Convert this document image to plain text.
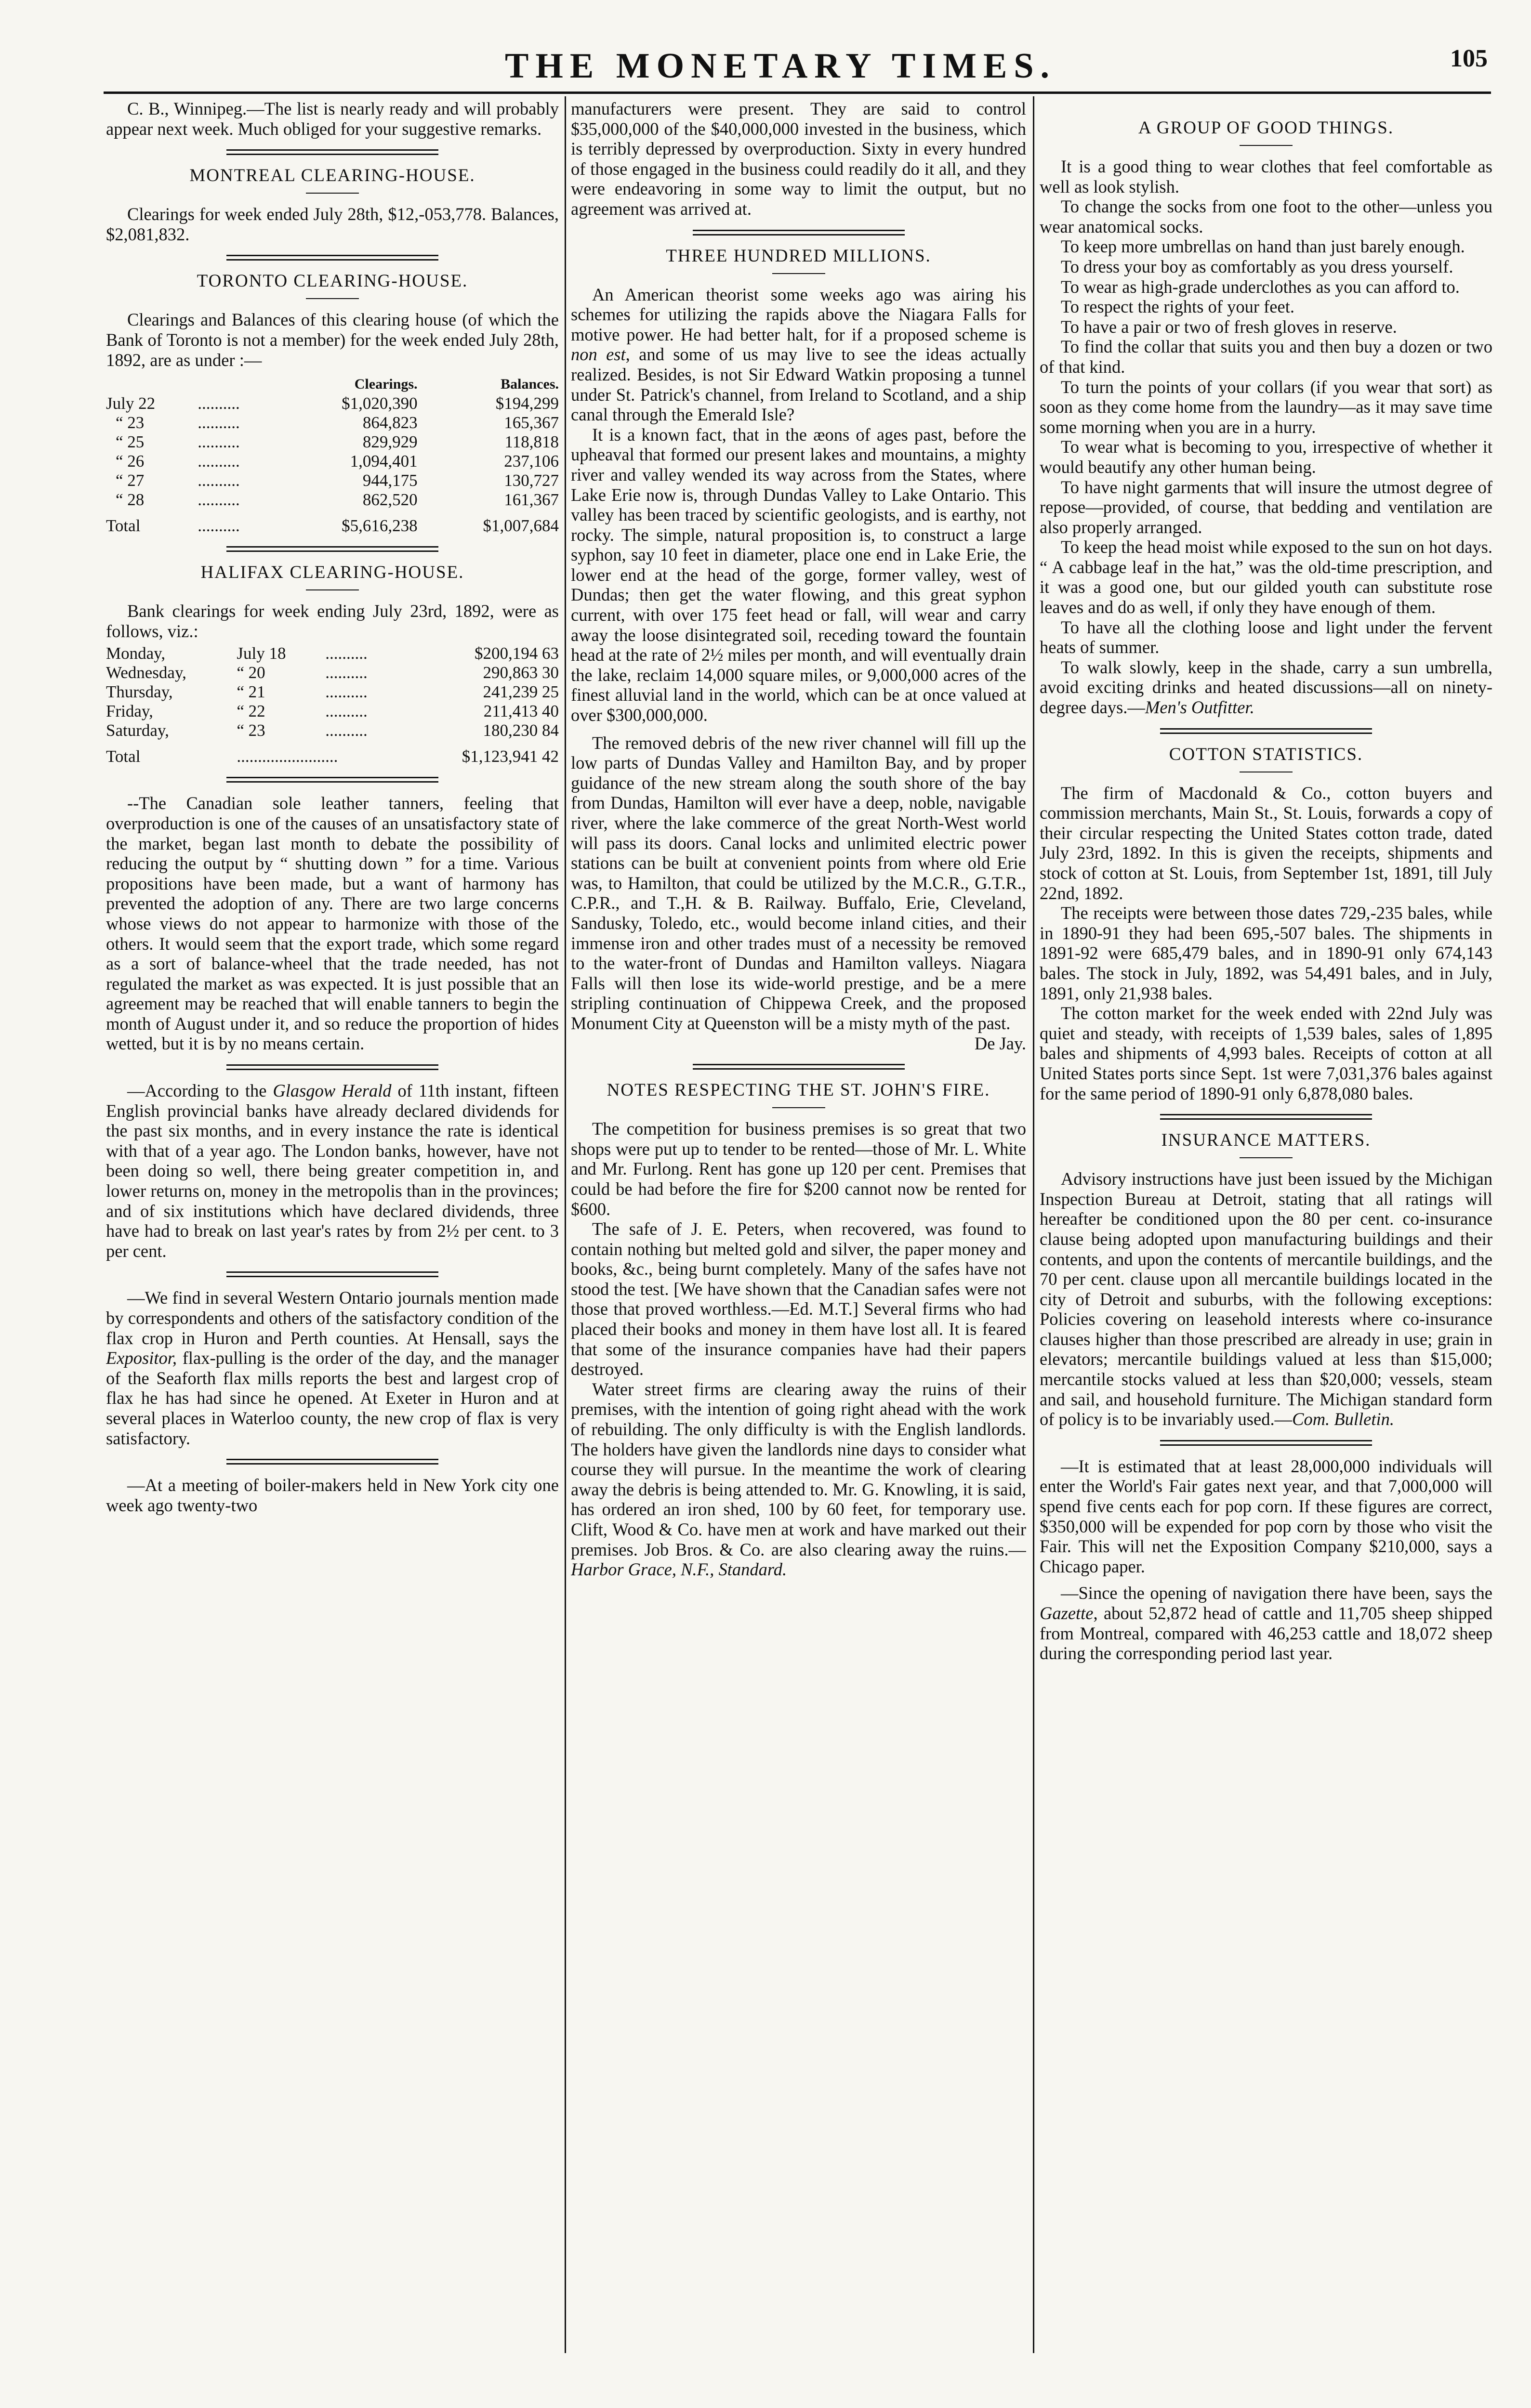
THE MONETARY TIMES.	105

C. B., Winnipeg.—The list is nearly ready and will probably appear next week. Much obliged for your suggestive remarks.

MONTREAL CLEARING-HOUSE.

Clearings for week ended July 28th, $12,-053,778. Balances, $2,081,832.

TORONTO CLEARING-HOUSE.

Clearings and Balances of this clearing house (of which the Bank of Toronto is not a member) for the week ended July 28th, 1892, are as under :—

		Clearings.	Balances.
July 22	..........	$1,020,390	$194,299
“ 23	..........	864,823	165,367
“ 25	..........	829,929	118,818
“ 26	..........	1,094,401	237,106
“ 27	..........	944,175	130,727
“ 28	..........	862,520	161,367
Total	..........	$5,616,238	$1,007,684
HALIFAX CLEARING-HOUSE.

Bank clearings for week ending July 23rd, 1892, were as follows, viz.:

Monday,	July 18	..........	$200,194 63
Wednesday,	“ 20	..........	290,863 30
Thursday,	“ 21	..........	241,239 25
Friday,	“ 22	..........	211,413 40
Saturday,	“ 23	..........	180,230 84
Total	........................		$1,123,941 42

--The Canadian sole leather tanners, feeling that overproduction is one of the causes of an unsatisfactory state of the market, began last month to debate the possibility of reducing the output by “ shutting down ” for a time. Various propositions have been made, but a want of harmony has prevented the adoption of any. There are two large concerns whose views do not appear to harmonize with those of the others. It would seem that the export trade, which some regard as a sort of balance-wheel that the trade needed, has not regulated the market as was expected. It is just possible that an agreement may be reached that will enable tanners to begin the month of August under it, and so reduce the proportion of hides wetted, but it is by no means certain.

—According to the Glasgow Herald of 11th instant, fifteen English provincial banks have already declared dividends for the past six months, and in every instance the rate is identical with that of a year ago. The London banks, however, have not been doing so well, there being greater competition in, and lower returns on, money in the metropolis than in the provinces; and of six institutions which have declared dividends, three have had to break on last year's rates by from 2½ per cent. to 3 per cent.

—We find in several Western Ontario journals mention made by correspondents and others of the satisfactory condition of the flax crop in Huron and Perth counties. At Hensall, says the Expositor, flax-pulling is the order of the day, and the manager of the Seaforth flax mills reports the best and largest crop of flax he has had since he opened. At Exeter in Huron and at several places in Waterloo county, the new crop of flax is very satisfactory.

—At a meeting of boiler-makers held in New York city one week ago twenty-two

manufacturers were present. They are said to control $35,000,000 of the $40,000,000 invested in the business, which is terribly depressed by overproduction. Sixty in every hundred of those engaged in the business could readily do it all, and they were endeavoring in some way to limit the output, but no agreement was arrived at.

THREE HUNDRED MILLIONS.

An American theorist some weeks ago was airing his schemes for utilizing the rapids above the Niagara Falls for motive power. He had better halt, for if a proposed scheme is non est, and some of us may live to see the ideas actually realized. Besides, is not Sir Edward Watkin proposing a tunnel under St. Patrick's channel, from Ireland to Scotland, and a ship canal through the Emerald Isle?

It is a known fact, that in the æons of ages past, before the upheaval that formed our present lakes and mountains, a mighty river and valley wended its way across from the States, where Lake Erie now is, through Dundas Valley to Lake Ontario. This valley has been traced by scientific geologists, and is earthy, not rocky. The simple, natural proposition is, to construct a large syphon, say 10 feet in diameter, place one end in Lake Erie, the lower end at the head of the gorge, former valley, west of Dundas; then get the water flowing, and this great syphon current, with over 175 feet head or fall, will wear and carry away the loose disintegrated soil, receding toward the fountain head at the rate of 2½ miles per month, and will eventually drain the lake, reclaim 14,000 square miles, or 9,000,000 acres of the finest alluvial land in the world, which can be at once valued at over $300,000,000.

The removed debris of the new river channel will fill up the low parts of Dundas Valley and Hamilton Bay, and by proper guidance of the new stream along the south shore of the bay from Dundas, Hamilton will ever have a deep, noble, navigable river, where the lake commerce of the great North-West world will pass its doors. Canal locks and unlimited electric power stations can be built at convenient points from where old Erie was, to Hamilton, that could be utilized by the M.C.R., G.T.R., C.P.R., and T.,H. & B. Railway. Buffalo, Erie, Cleveland, Sandusky, Toledo, etc., would become inland cities, and their immense iron and other trades must of a necessity be removed to the water-front of Dundas and Hamilton valleys. Niagara Falls will then lose its wide-world prestige, and be a mere stripling continuation of Chippewa Creek, and the proposed Monument City at Queenston will be a misty myth of the past.

De Jay.

NOTES RESPECTING THE ST. JOHN'S FIRE.

The competition for business premises is so great that two shops were put up to tender to be rented—those of Mr. L. White and Mr. Furlong. Rent has gone up 120 per cent. Premises that could be had before the fire for $200 cannot now be rented for $600.

The safe of J. E. Peters, when recovered, was found to contain nothing but melted gold and silver, the paper money and books, &c., being burnt completely. Many of the safes have not stood the test. [We have shown that the Canadian safes were not those that proved worthless.—Ed. M.T.] Several firms who had placed their books and money in them have lost all. It is feared that some of the insurance companies have had their papers destroyed.

Water street firms are clearing away the ruins of their premises, with the intention of going right ahead with the work of rebuilding. The only difficulty is with the English landlords. The holders have given the landlords nine days to consider what course they will pursue. In the meantime the work of clearing away the debris is being attended to. Mr. G. Knowling, it is said, has ordered an iron shed, 100 by 60 feet, for temporary use. Clift, Wood & Co. have men at work and have marked out their premises. Job Bros. & Co. are also clearing away the ruins.—Harbor Grace, N.F., Standard.

A GROUP OF GOOD THINGS.

It is a good thing to wear clothes that feel comfortable as well as look stylish.

To change the socks from one foot to the other—unless you wear anatomical socks.

To keep more umbrellas on hand than just barely enough.

To dress your boy as comfortably as you dress yourself.

To wear as high-grade underclothes as you can afford to.

To respect the rights of your feet.

To have a pair or two of fresh gloves in reserve.

To find the collar that suits you and then buy a dozen or two of that kind.

To turn the points of your collars (if you wear that sort) as soon as they come home from the laundry—as it may save time some morning when you are in a hurry.

To wear what is becoming to you, irrespective of whether it would beautify any other human being.

To have night garments that will insure the utmost degree of repose—provided, of course, that bedding and ventilation are also properly arranged.

To keep the head moist while exposed to the sun on hot days. “ A cabbage leaf in the hat,” was the old-time prescription, and it was a good one, but our gilded youth can substitute rose leaves and do as well, if only they have enough of them.

To have all the clothing loose and light under the fervent heats of summer.

To walk slowly, keep in the shade, carry a sun umbrella, avoid exciting drinks and heated discussions—all on ninety-degree days.—Men's Outfitter.

COTTON STATISTICS.

The firm of Macdonald & Co., cotton buyers and commission merchants, Main St., St. Louis, forwards a copy of their circular respecting the United States cotton trade, dated July 23rd, 1892. In this is given the receipts, shipments and stock of cotton at St. Louis, from September 1st, 1891, till July 22nd, 1892.

The receipts were between those dates 729,-235 bales, while in 1890-91 they had been 695,-507 bales. The shipments in 1891-92 were 685,479 bales, and in 1890-91 only 674,143 bales. The stock in July, 1892, was 54,491 bales, and in July, 1891, only 21,938 bales.

The cotton market for the week ended with 22nd July was quiet and steady, with receipts of 1,539 bales, sales of 1,895 bales and shipments of 4,993 bales. Receipts of cotton at all United States ports since Sept. 1st were 7,031,376 bales against for the same period of 1890-91 only 6,878,080 bales.

INSURANCE MATTERS.

Advisory instructions have just been issued by the Michigan Inspection Bureau at Detroit, stating that all ratings will hereafter be conditioned upon the 80 per cent. co-insurance clause being adopted upon manufacturing buildings and their contents, and upon the contents of mercantile buildings, and the 70 per cent. clause upon all mercantile buildings located in the city of Detroit and suburbs, with the following exceptions: Policies covering on leasehold interests where co-insurance clauses higher than those prescribed are already in use; grain in elevators; mercantile buildings valued at less than $15,000; mercantile stocks valued at less than $20,000; vessels, steam and sail, and household furniture. The Michigan standard form of policy is to be invariably used.—Com. Bulletin.

—It is estimated that at least 28,000,000 individuals will enter the World's Fair gates next year, and that 7,000,000 will spend five cents each for pop corn. If these figures are correct, $350,000 will be expended for pop corn by those who visit the Fair. This will net the Exposition Company $210,000, says a Chicago paper.

—Since the opening of navigation there have been, says the Gazette, about 52,872 head of cattle and 11,705 sheep shipped from Montreal, compared with 46,253 cattle and 18,072 sheep during the corresponding period last year.
